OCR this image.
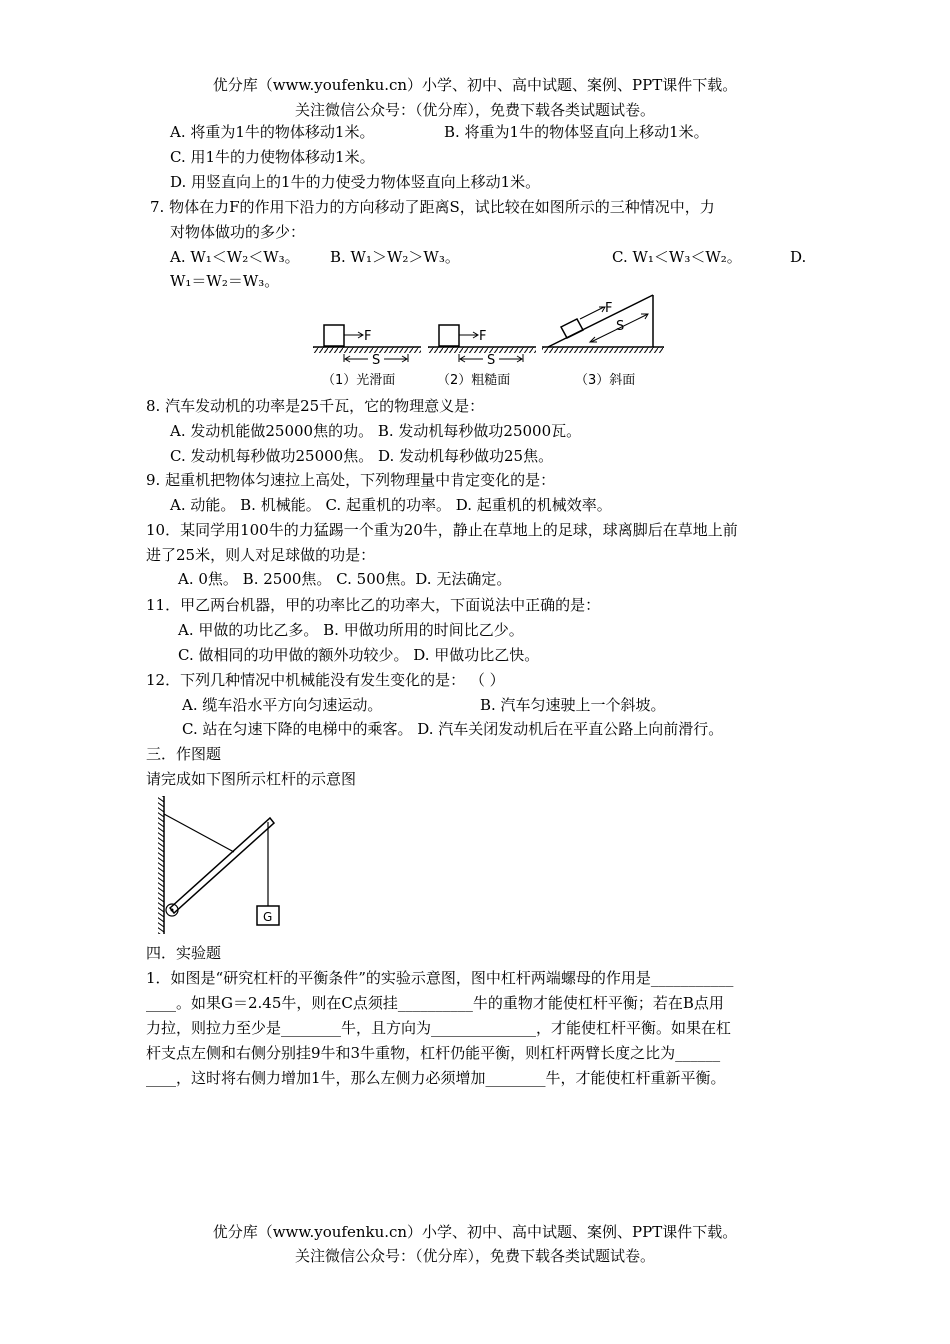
优分库（www.youfenku.cn）小学、初中、高中试题、案例、PPT课件下载。
关注微信公众号：（优分库），免费下载各类试题试卷。
A. 将重为1牛的物体移动1米。	B. 将重为1牛的物体竖直向上移动1米。
C. 用1牛的力使物体移动1米。
D. 用竖直向上的1牛的力使受力物体竖直向上移动1米。
7. 物体在力F的作用下沿力的方向移动了距离S，试比较在如图所示的三种情况中，力
对物体做功的多少：
A. W₁＜W₂＜W₃。 B. W₁＞W₂＞W₃。	C. W₁＜W₃＜W₂。	D.
W₁＝W₂＝W₃。
F
S
（1）光滑面
F
S
（2）粗糙面
F
S
（3）斜面
8. 汽车发动机的功率是25千瓦，它的物理意义是：
A. 发动机能做25000焦的功。 B. 发动机每秒做功25000瓦。
C. 发动机每秒做功25000焦。 D. 发动机每秒做功25焦。
9. 起重机把物体匀速拉上高处，下列物理量中肯定变化的是：
A. 动能。 B. 机械能。 C. 起重机的功率。 D. 起重机的机械效率。
10．某同学用100牛的力猛踢一个重为20牛，静止在草地上的足球，球离脚后在草地上前
进了25米，则人对足球做的功是：
A. 0焦。 B. 2500焦。 C. 500焦。D. 无法确定。
11．甲乙两台机器，甲的功率比乙的功率大，下面说法中正确的是：
A. 甲做的功比乙多。 B. 甲做功所用的时间比乙少。
C. 做相同的功甲做的额外功较少。 D. 甲做功比乙快。
12．下列几种情况中机械能没有发生变化的是： （ ）
A. 缆车沿水平方向匀速运动。	B. 汽车匀速驶上一个斜坡。
C. 站在匀速下降的电梯中的乘客。 D. 汽车关闭发动机后在平直公路上向前滑行。
三．作图题
请完成如下图所示杠杆的示意图
G
四．实验题
1．如图是“研究杠杆的平衡条件”的实验示意图，图中杠杆两端螺母的作用是___________
____。如果G＝2.45牛，则在C点须挂__________牛的重物才能使杠杆平衡；若在B点用
力拉，则拉力至少是________牛，且方向为______________，才能使杠杆平衡。如果在杠
杆支点左侧和右侧分别挂9牛和3牛重物，杠杆仍能平衡，则杠杆两臂长度之比为______
____，这时将右侧力增加1牛，那么左侧力必须增加________牛，才能使杠杆重新平衡。
优分库（www.youfenku.cn）小学、初中、高中试题、案例、PPT课件下载。
关注微信公众号：（优分库），免费下载各类试题试卷。
